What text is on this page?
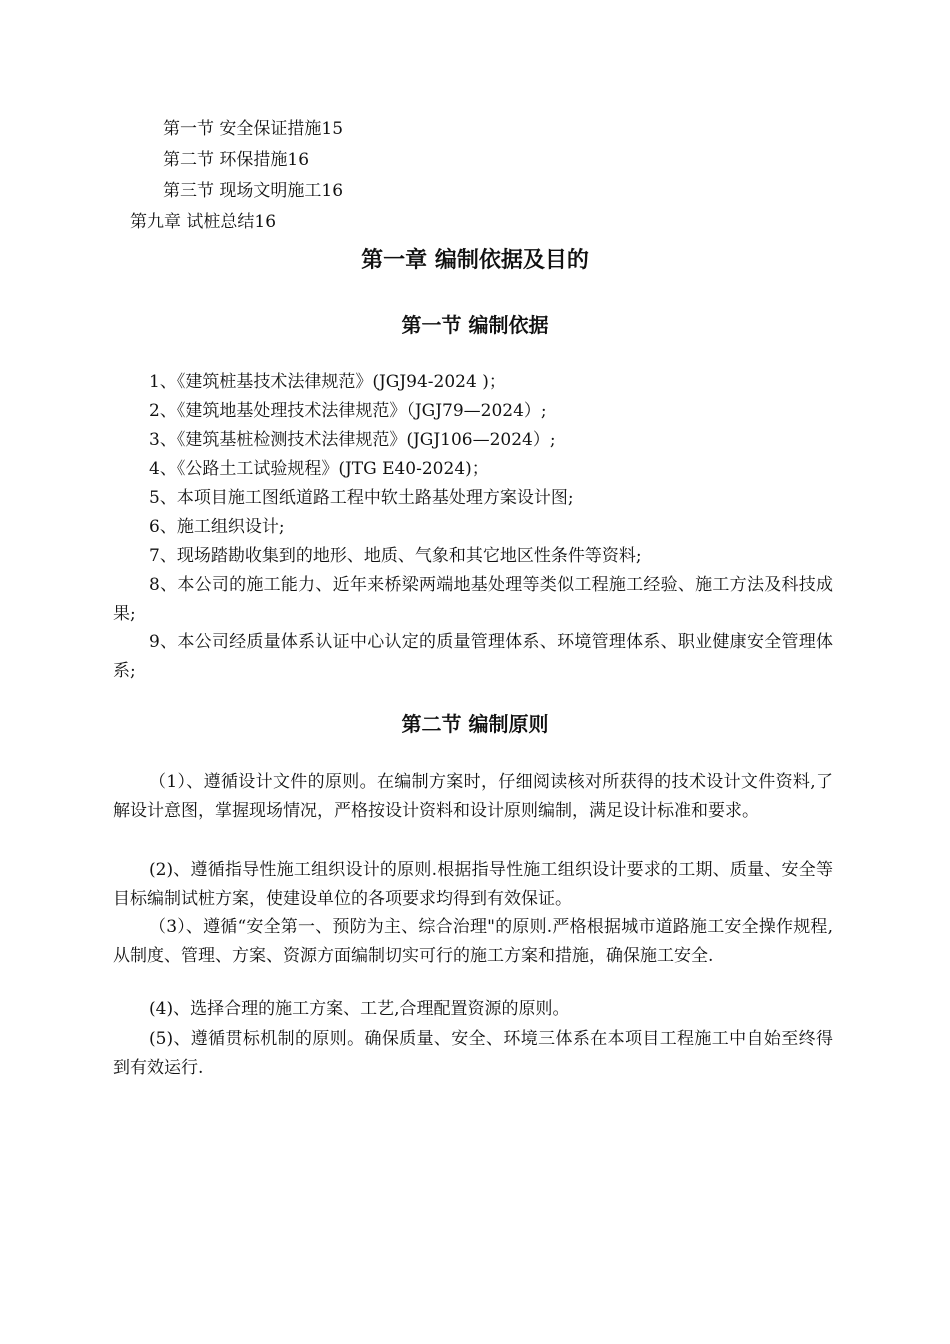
第一节 安全保证措施15
第二节 环保措施16
第三节 现场文明施工16
第九章 试桩总结16
第一章 编制依据及目的
第一节 编制依据
1、《建筑桩基技术法律规范》(JGJ94-2024 )；
2、《建筑地基处理技术法律规范》（JGJ79—2024）;
3、《建筑基桩检测技术法律规范》(JGJ106—2024）;
4、《公路土工试验规程》(JTG E40-2024)；
5、本项目施工图纸道路工程中软土路基处理方案设计图;
6、施工组织设计;
7、现场踏勘收集到的地形、地质、气象和其它地区性条件等资料;
8、本公司的施工能力、近年来桥梁两端地基处理等类似工程施工经验、施工方法及科技成果;
9、本公司经质量体系认证中心认定的质量管理体系、环境管理体系、职业健康安全管理体系;
第二节 编制原则
（1）、遵循设计文件的原则。在编制方案时，仔细阅读核对所获得的技术设计文件资料,了解设计意图，掌握现场情况，严格按设计资料和设计原则编制，满足设计标准和要求。
(2)、遵循指导性施工组织设计的原则.根据指导性施工组织设计要求的工期、质量、安全等目标编制试桩方案，使建设单位的各项要求均得到有效保证。
（3）、遵循“安全第一、预防为主、综合治理"的原则.严格根据城市道路施工安全操作规程,从制度、管理、方案、资源方面编制切实可行的施工方案和措施，确保施工安全.
(4)、选择合理的施工方案、工艺,合理配置资源的原则。
(5)、遵循贯标机制的原则。确保质量、安全、环境三体系在本项目工程施工中自始至终得到有效运行.
